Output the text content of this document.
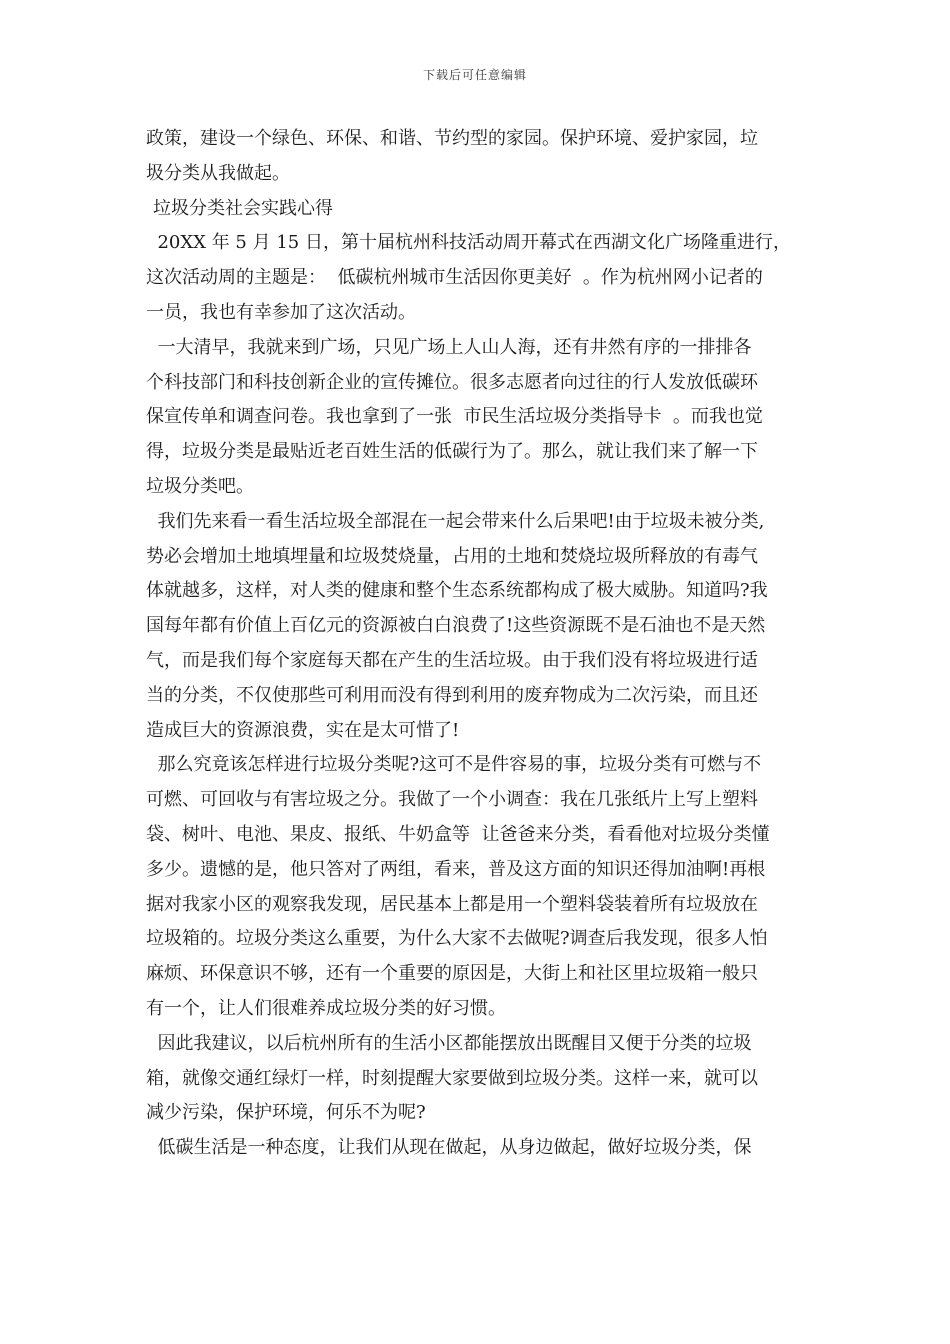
下载后可任意编辑
政策，建设一个绿色、环保、和谐、节约型的家园。保护环境、爱护家园，垃
圾分类从我做起。
垃圾分类社会实践心得
20XX 年 5 月 15 日，第十届杭州科技活动周开幕式在西湖文化广场隆重进行，
这次活动周的主题是：  低碳杭州城市生活因你更美好  。作为杭州网小记者的
一员，我也有幸参加了这次活动。
一大清早，我就来到广场，只见广场上人山人海，还有井然有序的一排排各
个科技部门和科技创新企业的宣传摊位。很多志愿者向过往的行人发放低碳环
保宣传单和调查问卷。我也拿到了一张  市民生活垃圾分类指导卡  。而我也觉
得，垃圾分类是最贴近老百姓生活的低碳行为了。那么，就让我们来了解一下
垃圾分类吧。
我们先来看一看生活垃圾全部混在一起会带来什么后果吧!由于垃圾未被分类,
势必会增加土地填埋量和垃圾焚烧量，占用的土地和焚烧垃圾所释放的有毒气
体就越多，这样，对人类的健康和整个生态系统都构成了极大威胁。知道吗?我
国每年都有价值上百亿元的资源被白白浪费了!这些资源既不是石油也不是天然
气，而是我们每个家庭每天都在产生的生活垃圾。由于我们没有将垃圾进行适
当的分类，不仅使那些可利用而没有得到利用的废弃物成为二次污染，而且还
造成巨大的资源浪费，实在是太可惜了!
那么究竟该怎样进行垃圾分类呢?这可不是件容易的事，垃圾分类有可燃与不
可燃、可回收与有害垃圾之分。我做了一个小调查：我在几张纸片上写上塑料
袋、树叶、电池、果皮、报纸、牛奶盒等  让爸爸来分类，看看他对垃圾分类懂
多少。遗憾的是，他只答对了两组，看来，普及这方面的知识还得加油啊!再根
据对我家小区的观察我发现，居民基本上都是用一个塑料袋装着所有垃圾放在
垃圾箱的。垃圾分类这么重要，为什么大家不去做呢?调查后我发现，很多人怕
麻烦、环保意识不够，还有一个重要的原因是，大街上和社区里垃圾箱一般只
有一个，让人们很难养成垃圾分类的好习惯。
因此我建议，以后杭州所有的生活小区都能摆放出既醒目又便于分类的垃圾
箱，就像交通红绿灯一样，时刻提醒大家要做到垃圾分类。这样一来，就可以
减少污染，保护环境，何乐不为呢?
低碳生活是一种态度，让我们从现在做起，从身边做起，做好垃圾分类，保
